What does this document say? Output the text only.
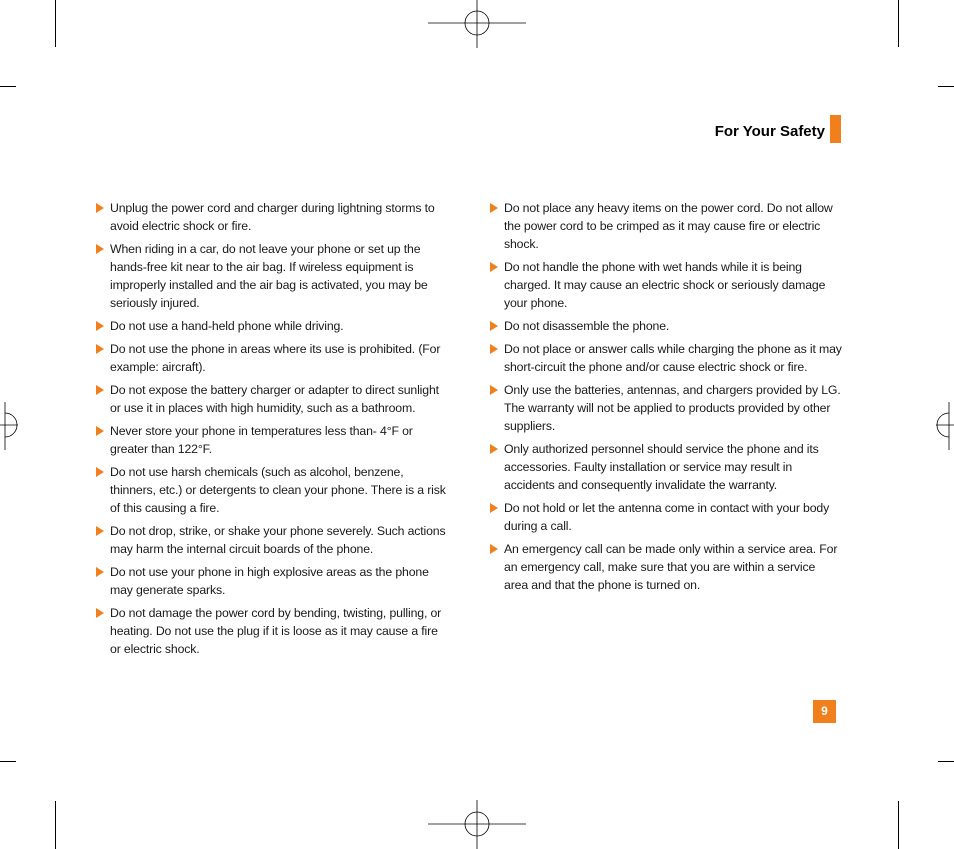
For Your Safety
Unplug the power cord and charger during lightning storms to avoid electric shock or fire.
When riding in a car, do not leave your phone or set up the hands-free kit near to the air bag. If wireless equipment is improperly installed and the air bag is activated, you may be seriously injured.
Do not use a hand-held phone while driving.
Do not use the phone in areas where its use is prohibited. (For example: aircraft).
Do not expose the battery charger or adapter to direct sunlight or use it in places with high humidity, such as a bathroom.
Never store your phone in temperatures less than- 4°F or greater than 122°F.
Do not use harsh chemicals (such as alcohol, benzene, thinners, etc.) or detergents to clean your phone. There is a risk of this causing a fire.
Do not drop, strike, or shake your phone severely. Such actions may harm the internal circuit boards of the phone.
Do not use your phone in high explosive areas as the phone may generate sparks.
Do not damage the power cord by bending, twisting, pulling, or heating. Do not use the plug if it is loose as it may cause a fire or electric shock.
Do not place any heavy items on the power cord. Do not allow the power cord to be crimped as it may cause fire or electric shock.
Do not handle the phone with wet hands while it is being charged. It may cause an electric shock or seriously damage your phone.
Do not disassemble the phone.
Do not place or answer calls while charging the phone as it may short-circuit the phone and/or cause electric shock or fire.
Only use the batteries, antennas, and chargers provided by LG. The warranty will not be applied to products provided by other suppliers.
Only authorized personnel should service the phone and its accessories. Faulty installation or service may result in accidents and consequently invalidate the warranty.
Do not hold or let the antenna come in contact with your body during a call.
An emergency call can be made only within a service area. For an emergency call, make sure that you are within a service area and that the phone is turned on.
9
